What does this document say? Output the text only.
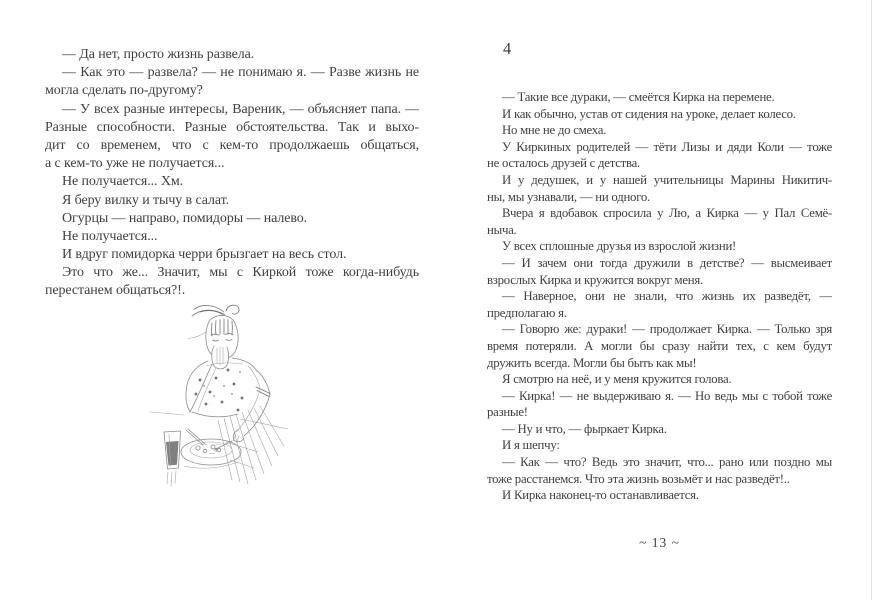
— Да нет, просто жизнь развела.
— Как это — развела? — не понимаю я. — Разве жизнь не
могла сделать по-другому?
— У всех разные интересы, Вареник, — объясняет папа. —
Разные способности. Разные обстоятельства. Так и выхо-
дит со временем, что с кем-то продолжаешь общаться,
а с кем-то уже не получается...
Не получается... Хм.
Я беру вилку и тычу в салат.
Огурцы — направо, помидоры — налево.
Не получается...
И вдруг помидорка черри брызгает на весь стол.
Это что же... Значит, мы с Киркой тоже когда-нибудь
перестанем общаться?!.
4
— Такие все дураки, — смеётся Кирка на перемене.
И как обычно, устав от сидения на уроке, делает колесо.
Но мне не до смеха.
У Киркиных родителей — тёти Лизы и дяди Коли — тоже
не осталось друзей с детства.
И у дедушек, и у нашей учительницы Марины Никитич-
ны, мы узнавали, — ни одного.
Вчера я вдобавок спросила у Лю, а Кирка — у Пал Семё-
ныча.
У всех сплошные друзья из взрослой жизни!
— И зачем они тогда дружили в детстве? — высмеивает
взрослых Кирка и кружится вокруг меня.
— Наверное, они не знали, что жизнь их разведёт, —
предполагаю я.
— Говорю же: дураки! — продолжает Кирка. — Только зря
время потеряли. А могли бы сразу найти тех, с кем будут
дружить всегда. Могли бы быть как мы!
Я смотрю на неё, и у меня кружится голова.
— Кирка! — не выдерживаю я. — Но ведь мы с тобой тоже
разные!
— Ну и что, — фыркает Кирка.
И я шепчу:
— Как — что? Ведь это значит, что... рано или поздно мы
тоже расстанемся. Что эта жизнь возьмёт и нас разведёт!..
И Кирка наконец-то останавливается.
~ 13 ~
